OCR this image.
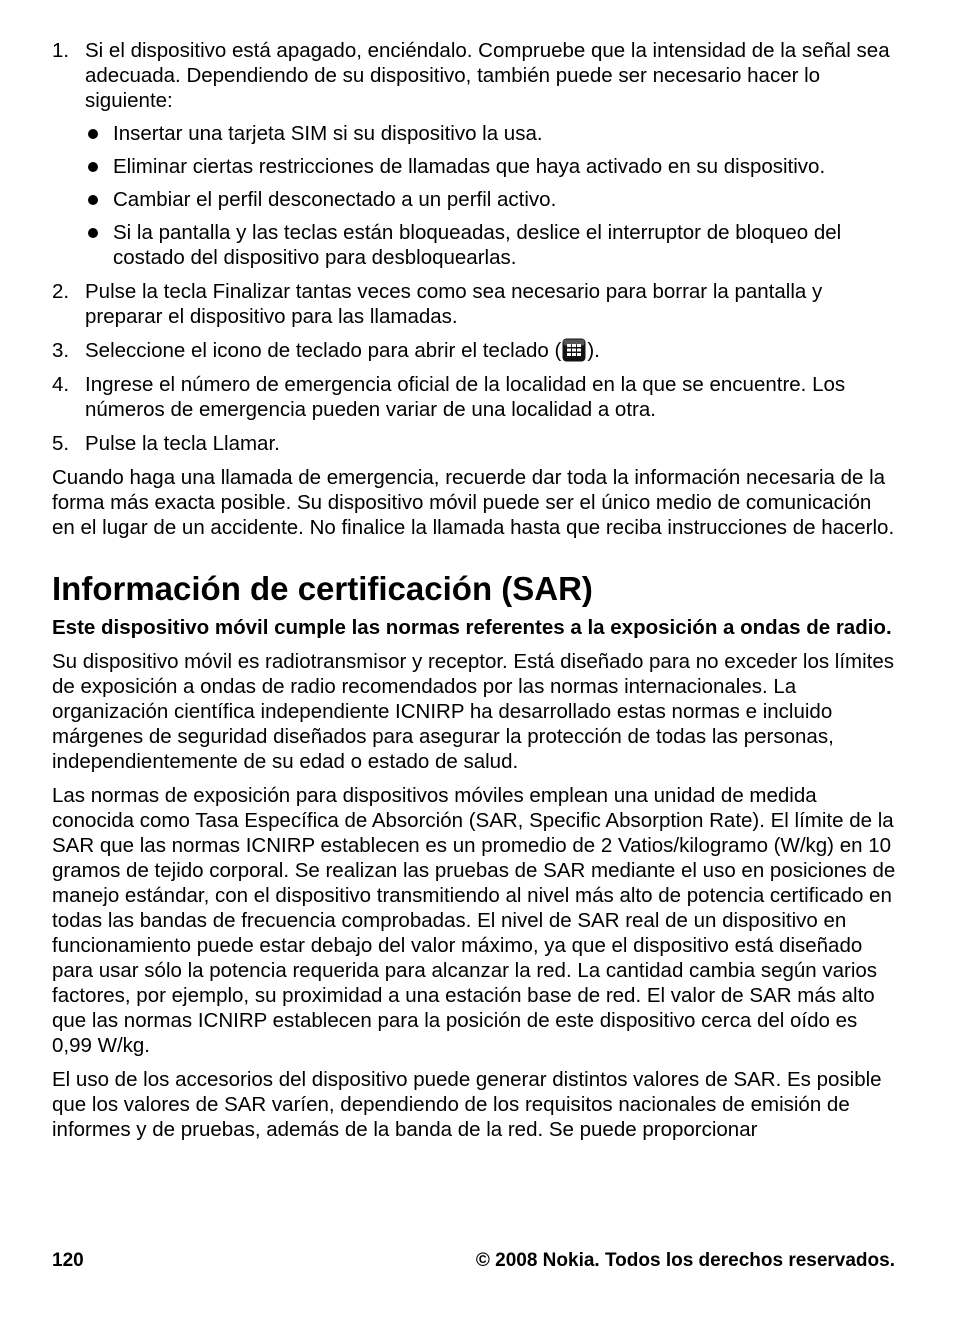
1. Si el dispositivo está apagado, enciéndalo. Compruebe que la intensidad de la señal sea adecuada. Dependiendo de su dispositivo, también puede ser necesario hacer lo siguiente:

Insertar una tarjeta SIM si su dispositivo la usa.
Eliminar ciertas restricciones de llamadas que haya activado en su dispositivo.
Cambiar el perfil desconectado a un perfil activo.
Si la pantalla y las teclas están bloqueadas, deslice el interruptor de bloqueo del costado del dispositivo para desbloquearlas.
2. Pulse la tecla Finalizar tantas veces como sea necesario para borrar la pantalla y preparar el dispositivo para las llamadas.

3. Seleccione el icono de teclado para abrir el teclado ( ).

4. Ingrese el número de emergencia oficial de la localidad en la que se encuentre. Los números de emergencia pueden variar de una localidad a otra.

5. Pulse la tecla Llamar.

Cuando haga una llamada de emergencia, recuerde dar toda la información necesaria de la forma más exacta posible. Su dispositivo móvil puede ser el único medio de comunicación en el lugar de un accidente. No finalice la llamada hasta que reciba instrucciones de hacerlo.

Información de certificación (SAR)

Este dispositivo móvil cumple las normas referentes a la exposición a ondas de radio.

Su dispositivo móvil es radiotransmisor y receptor. Está diseñado para no exceder los límites de exposición a ondas de radio recomendados por las normas internacionales. La organización científica independiente ICNIRP ha desarrollado estas normas e incluido márgenes de seguridad diseñados para asegurar la protección de todas las personas, independientemente de su edad o estado de salud.

Las normas de exposición para dispositivos móviles emplean una unidad de medida conocida como Tasa Específica de Absorción (SAR, Specific Absorption Rate). El límite de la SAR que las normas ICNIRP establecen es un promedio de 2 Vatios/kilogramo (W/kg) en 10 gramos de tejido corporal. Se realizan las pruebas de SAR mediante el uso en posiciones de manejo estándar, con el dispositivo transmitiendo al nivel más alto de potencia certificado en todas las bandas de frecuencia comprobadas. El nivel de SAR real de un dispositivo en funcionamiento puede estar debajo del valor máximo, ya que el dispositivo está diseñado para usar sólo la potencia requerida para alcanzar la red. La cantidad cambia según varios factores, por ejemplo, su proximidad a una estación base de red. El valor de SAR más alto que las normas ICNIRP establecen para la posición de este dispositivo cerca del oído es 0,99 W/kg.

El uso de los accesorios del dispositivo puede generar distintos valores de SAR. Es posible que los valores de SAR varíen, dependiendo de los requisitos nacionales de emisión de informes y de pruebas, además de la banda de la red. Se puede proporcionar

120	© 2008 Nokia. Todos los derechos reservados.
